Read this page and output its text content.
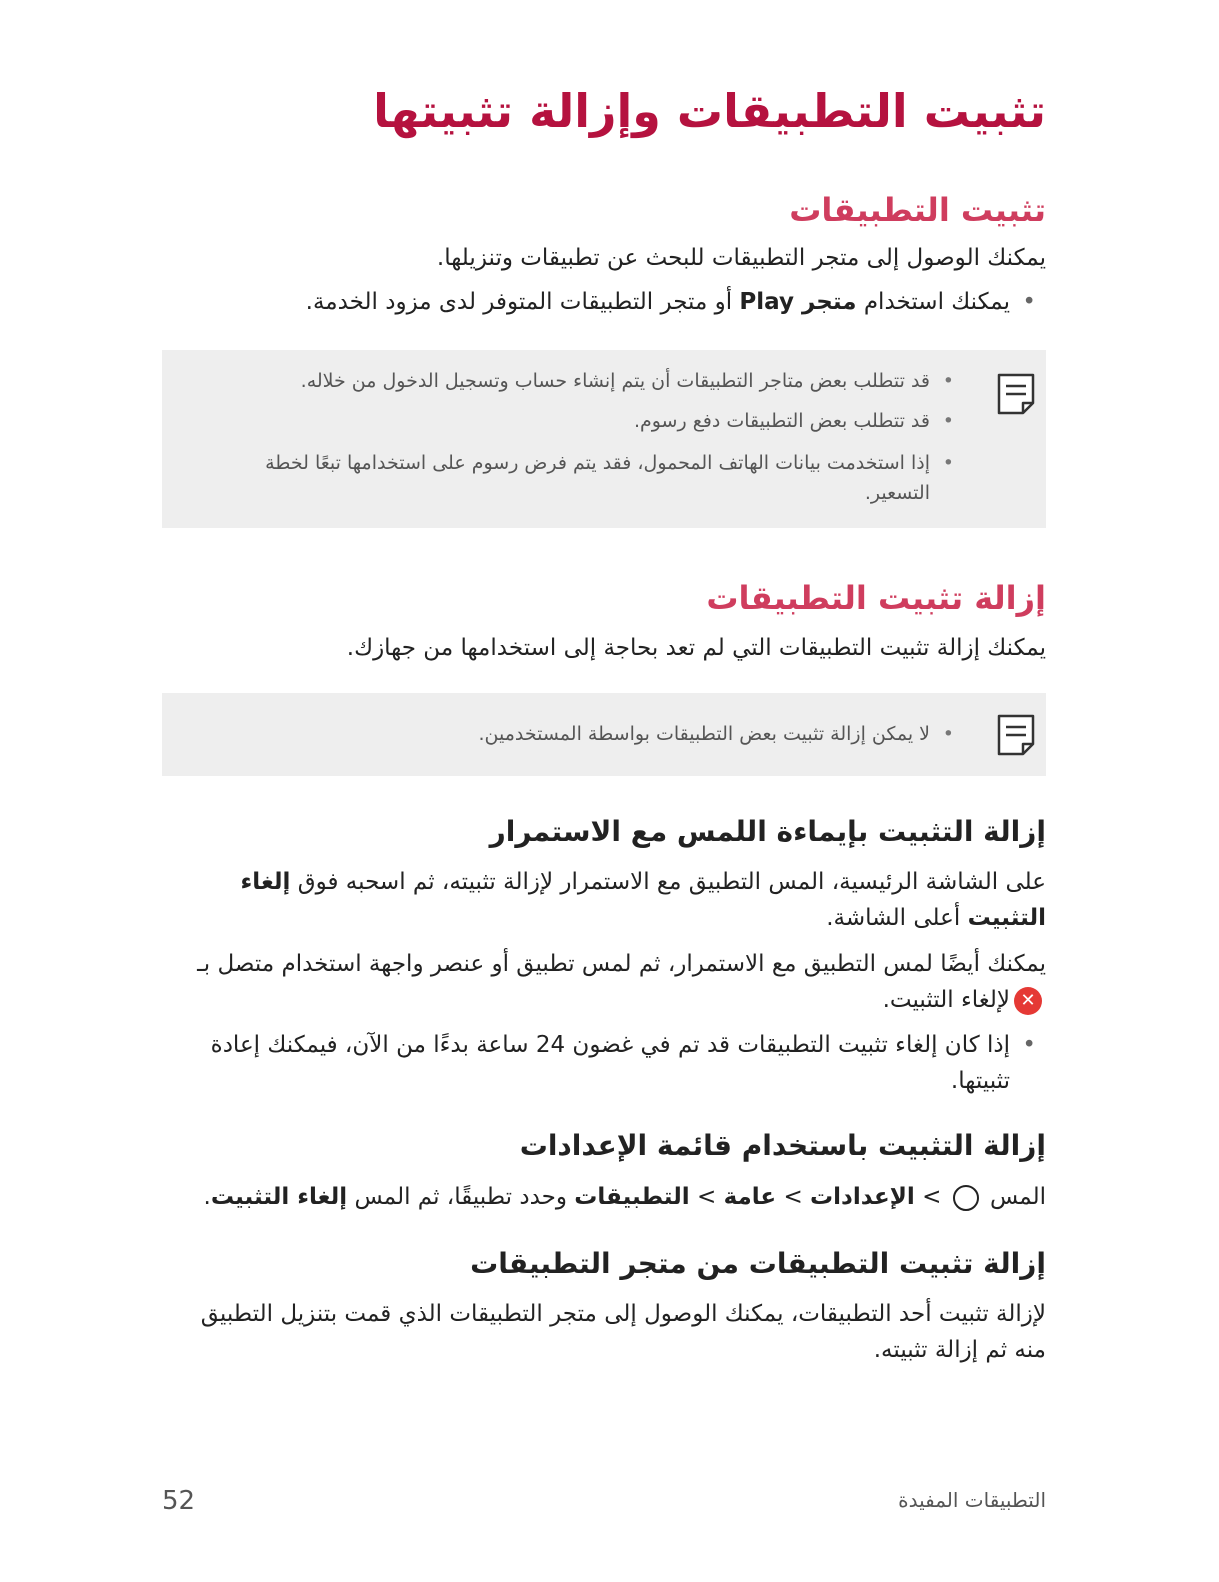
تثبيت التطبيقات وإزالة تثبيتها
تثبيت التطبيقات
يمكنك الوصول إلى متجر التطبيقات للبحث عن تطبيقات وتنزيلها.
•
يمكنك استخدام متجر Play أو متجر التطبيقات المتوفر لدى مزود الخدمة.
•
قد تتطلب بعض متاجر التطبيقات أن يتم إنشاء حساب وتسجيل الدخول من خلاله.
•
قد تتطلب بعض التطبيقات دفع رسوم.
•
إذا استخدمت بيانات الهاتف المحمول، فقد يتم فرض رسوم على استخدامها تبعًا لخطة التسعير.
إزالة تثبيت التطبيقات
يمكنك إزالة تثبيت التطبيقات التي لم تعد بحاجة إلى استخدامها من جهازك.
•
لا يمكن إزالة تثبيت بعض التطبيقات بواسطة المستخدمين.
إزالة التثبيت بإيماءة اللمس مع الاستمرار
على الشاشة الرئيسية، المس التطبيق مع الاستمرار لإزالة تثبيته، ثم اسحبه فوق إلغاء التثبيت أعلى الشاشة.
يمكنك أيضًا لمس التطبيق مع الاستمرار، ثم لمس تطبيق أو عنصر واجهة استخدام متصل بـ✕لإلغاء التثبيت.
•
إذا كان إلغاء تثبيت التطبيقات قد تم في غضون 24 ساعة بدءًا من الآن، فيمكنك إعادة تثبيتها.
إزالة التثبيت باستخدام قائمة الإعدادات
المس  > الإعدادات > عامة > التطبيقات وحدد تطبيقًا، ثم المس إلغاء التثبيت.
إزالة تثبيت التطبيقات من متجر التطبيقات
لإزالة تثبيت أحد التطبيقات، يمكنك الوصول إلى متجر التطبيقات الذي قمت بتنزيل التطبيق منه ثم إزالة تثبيته.
التطبيقات المفيدة
52
